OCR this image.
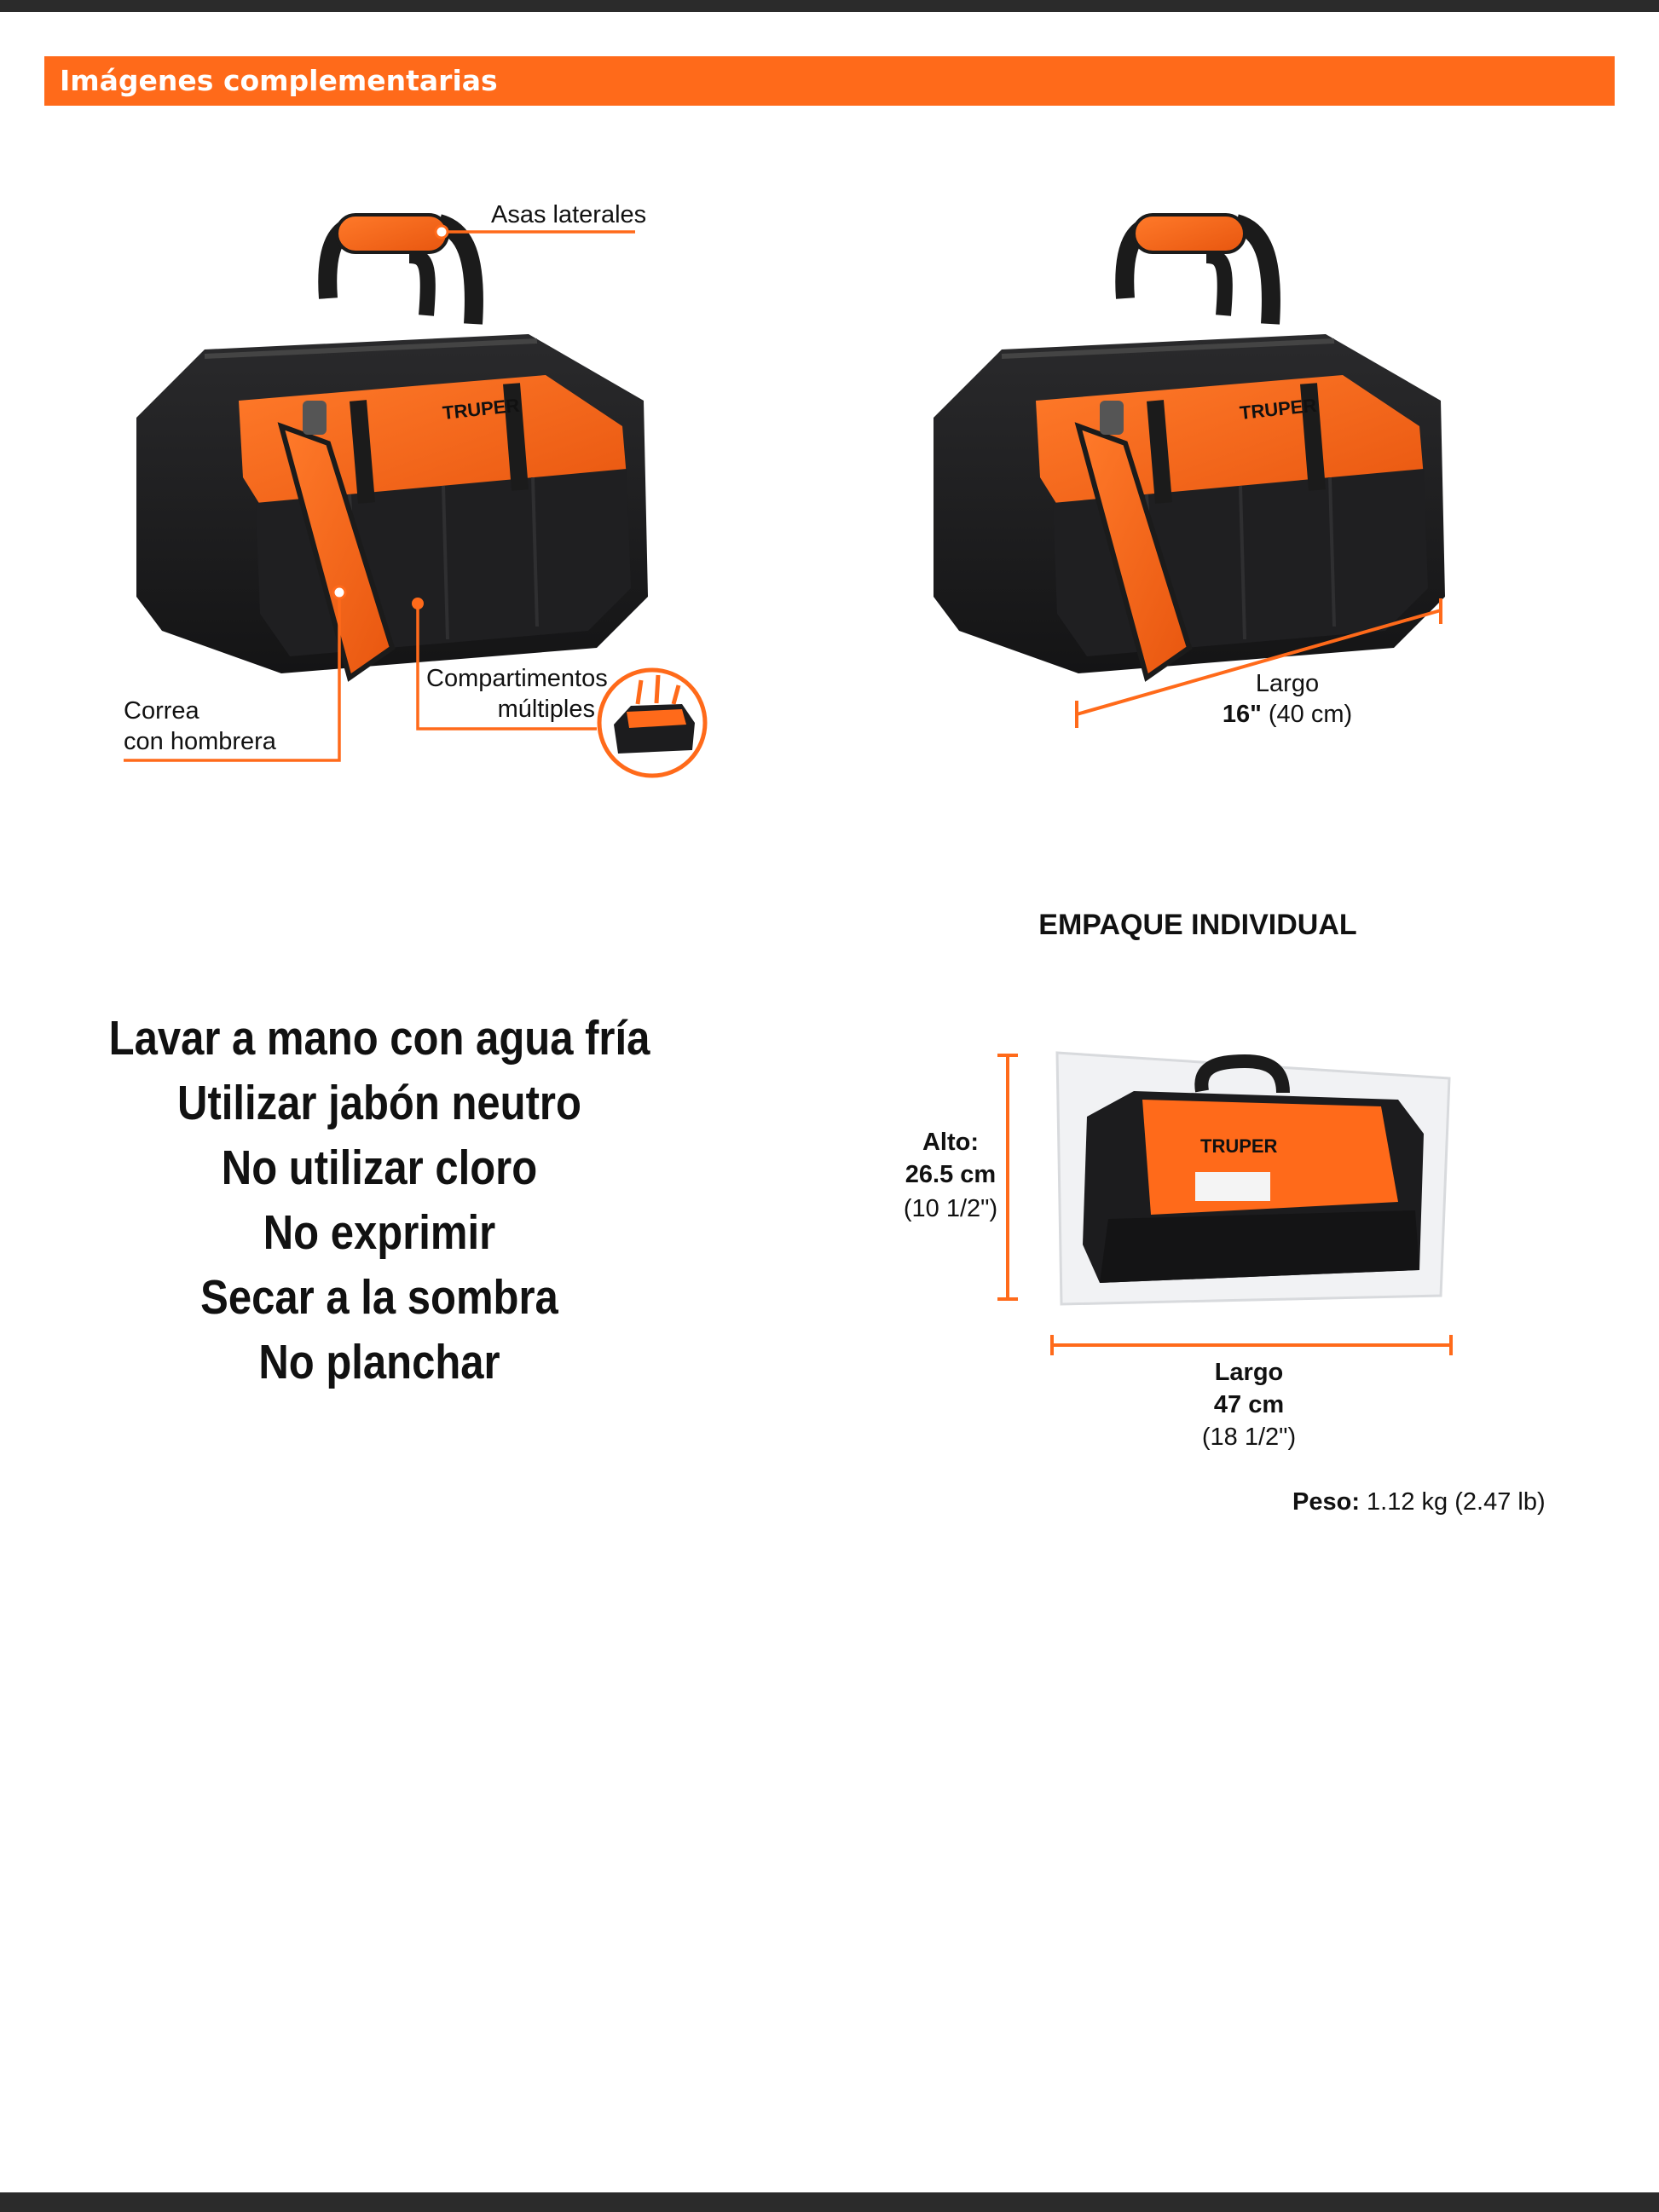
Imágenes complementarias
TRUPER
Asas laterales
Correa
con hombrera
Compartimentos
múltiples
TRUPER
Largo
16" (40 cm)
Lavar a mano con agua fría
Utilizar jabón neutro
No utilizar cloro
No exprimir
Secar a la sombra
No planchar
EMPAQUE INDIVIDUAL
TRUPER
Alto:
26.5 cm
(10 1/2")
Largo
47 cm
(18 1/2")
Peso: 1.12 kg (2.47 lb)
